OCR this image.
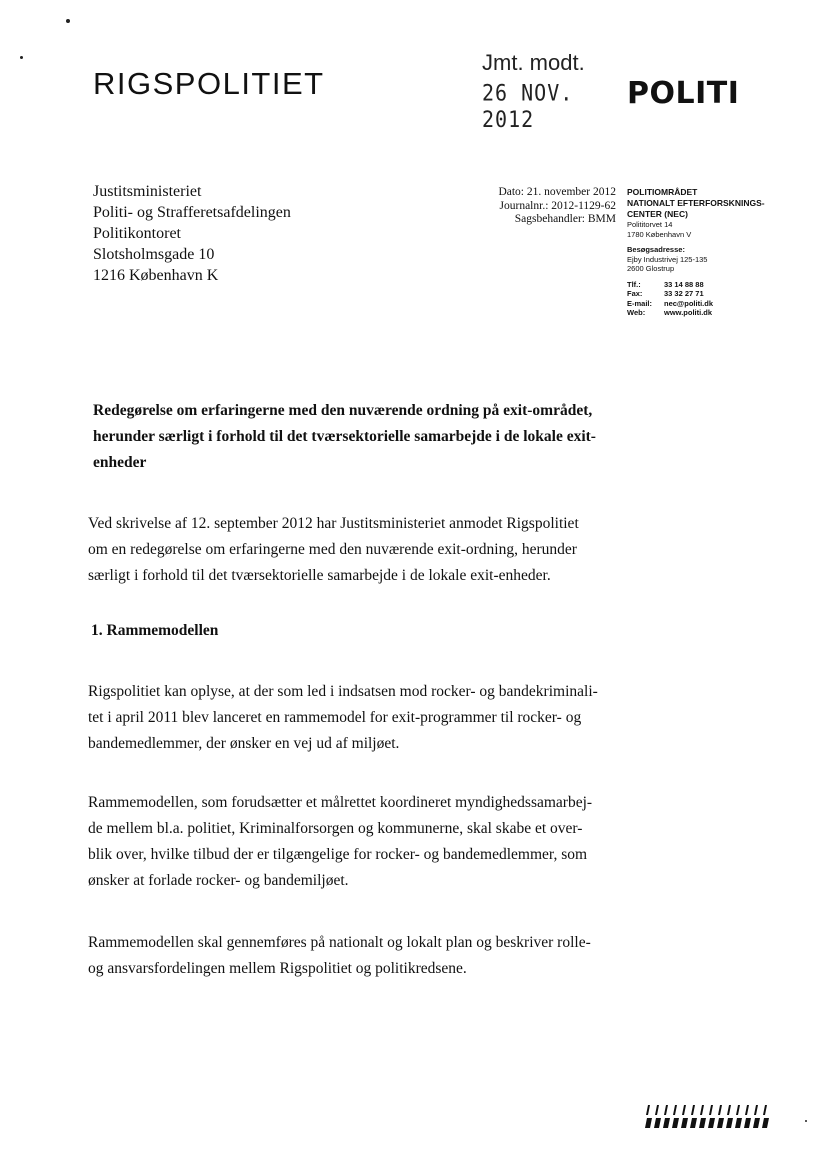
RIGSPOLITIET
Jmt. modt.
26 NOV. 2012
POLITI
Justitsministeriet
Politi- og Strafferetsafdelingen
Politikontoret
Slotsholmsgade 10
1216 København K
Dato: 21. november 2012
Journalnr.: 2012-1129-62
Sagsbehandler: BMM
POLITIOMRÅDET
NATIONALT EFTERFORSKNINGS-
CENTER (NEC)
Polititorvet 14
1780 København V
Besøgsadresse:
Ejby Industrivej 125-135
2600 Glostrup
Tlf.:	33 14 88 88
Fax:	33 32 27 71
E-mail:	nec@politi.dk
Web:	www.politi.dk
Redegørelse om erfaringerne med den nuværende ordning på exit-området,
herunder særligt i forhold til det tværsektorielle samarbejde i de lokale exit-
enheder
Ved skrivelse af 12. september 2012 har Justitsministeriet anmodet Rigspolitiet
om en redegørelse om erfaringerne med den nuværende exit-ordning, herunder
særligt i forhold til det tværsektorielle samarbejde i de lokale exit-enheder.
1. Rammemodellen
Rigspolitiet kan oplyse, at der som led i indsatsen mod rocker- og bandekriminali-
tet i april 2011 blev lanceret en rammemodel for exit-programmer til rocker- og
bandemedlemmer, der ønsker en vej ud af miljøet.
Rammemodellen, som forudsætter et målrettet koordineret myndighedssamarbej-
de mellem bl.a. politiet, Kriminalforsorgen og kommunerne, skal skabe et over-
blik over, hvilke tilbud der er tilgængelige for rocker- og bandemedlemmer, som
ønsker at forlade rocker- og bandemiljøet.
Rammemodellen skal gennemføres på nationalt og lokalt plan og beskriver rolle-
og ansvarsfordelingen mellem Rigspolitiet og politikredsene.
